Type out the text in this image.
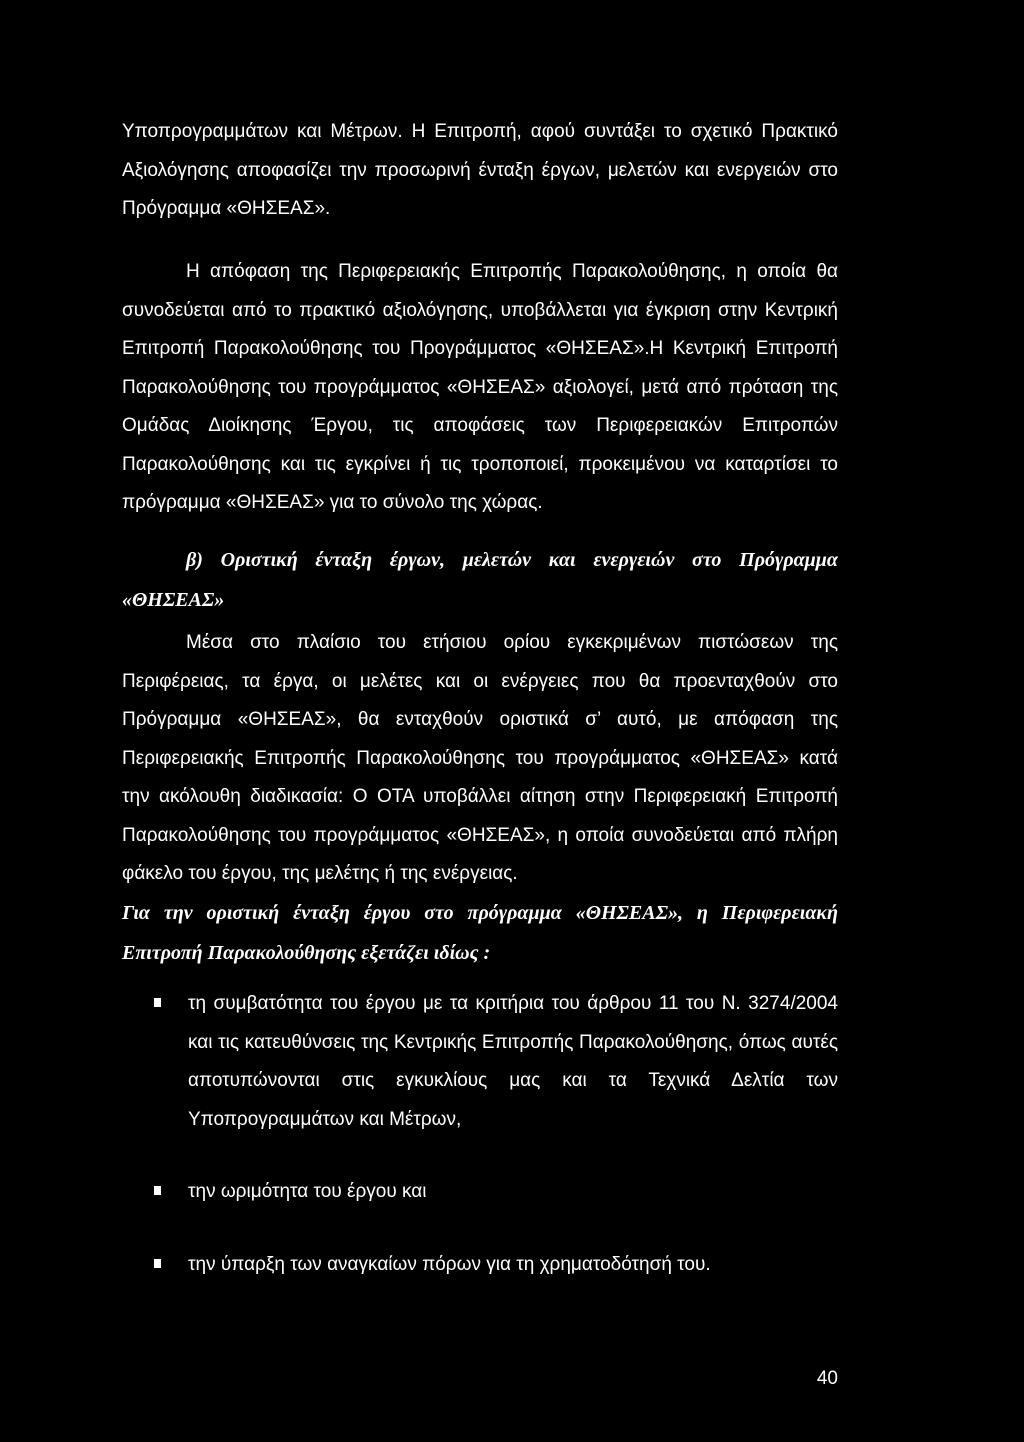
Υποπρογραμμάτων και Μέτρων. Η Επιτροπή, αφού συντάξει το σχετικό Πρακτικό Αξιολόγησης αποφασίζει την προσωρινή ένταξη έργων, μελετών και ενεργειών στο Πρόγραμμα «ΘΗΣΕΑΣ».

Η απόφαση της Περιφερειακής Επιτροπής Παρακολούθησης, η οποία θα συνοδεύεται από το πρακτικό αξιολόγησης, υποβάλλεται για έγκριση στην Κεντρική Επιτροπή Παρακολούθησης του Προγράμματος «ΘΗΣΕΑΣ».Η Κεντρική Επιτροπή Παρακολούθησης του προγράμματος «ΘΗΣΕΑΣ» αξιολογεί, μετά από πρόταση της Ομάδας Διοίκησης Έργου, τις αποφάσεις των Περιφερειακών Επιτροπών Παρακολούθησης και τις εγκρίνει ή τις τροποποιεί, προκειμένου να καταρτίσει το πρόγραμμα «ΘΗΣΕΑΣ» για το σύνολο της χώρας.

β) Οριστική ένταξη έργων, μελετών και ενεργειών στο Πρόγραμμα «ΘΗΣΕΑΣ»

Μέσα στο πλαίσιο του ετήσιου ορίου εγκεκριμένων πιστώσεων της Περιφέρειας, τα έργα, οι μελέτες και οι ενέργειες που θα προενταχθούν στο Πρόγραμμα «ΘΗΣΕΑΣ», θα ενταχθούν οριστικά σ’ αυτό, με απόφαση της Περιφερειακής Επιτροπής Παρακολούθησης του προγράμματος «ΘΗΣΕΑΣ» κατά την ακόλουθη διαδικασία: Ο ΟΤΑ υποβάλλει αίτηση στην Περιφερειακή Επιτροπή Παρακολούθησης του προγράμματος «ΘΗΣΕΑΣ», η οποία συνοδεύεται από πλήρη φάκελο του έργου, της μελέτης ή της ενέργειας.

Για την οριστική ένταξη έργου στο πρόγραμμα «ΘΗΣΕΑΣ», η Περιφερειακή Επιτροπή Παρακολούθησης εξετάζει ιδίως :

τη συμβατότητα του έργου με τα κριτήρια του άρθρου 11 του Ν. 3274/2004 και τις κατευθύνσεις της Κεντρικής Επιτροπής Παρακολούθησης, όπως αυτές αποτυπώνονται στις εγκυκλίους μας και τα Τεχνικά Δελτία των Υποπρογραμμάτων και Μέτρων,
την ωριμότητα του έργου και
την ύπαρξη των αναγκαίων πόρων για τη χρηματοδότησή του.
40
